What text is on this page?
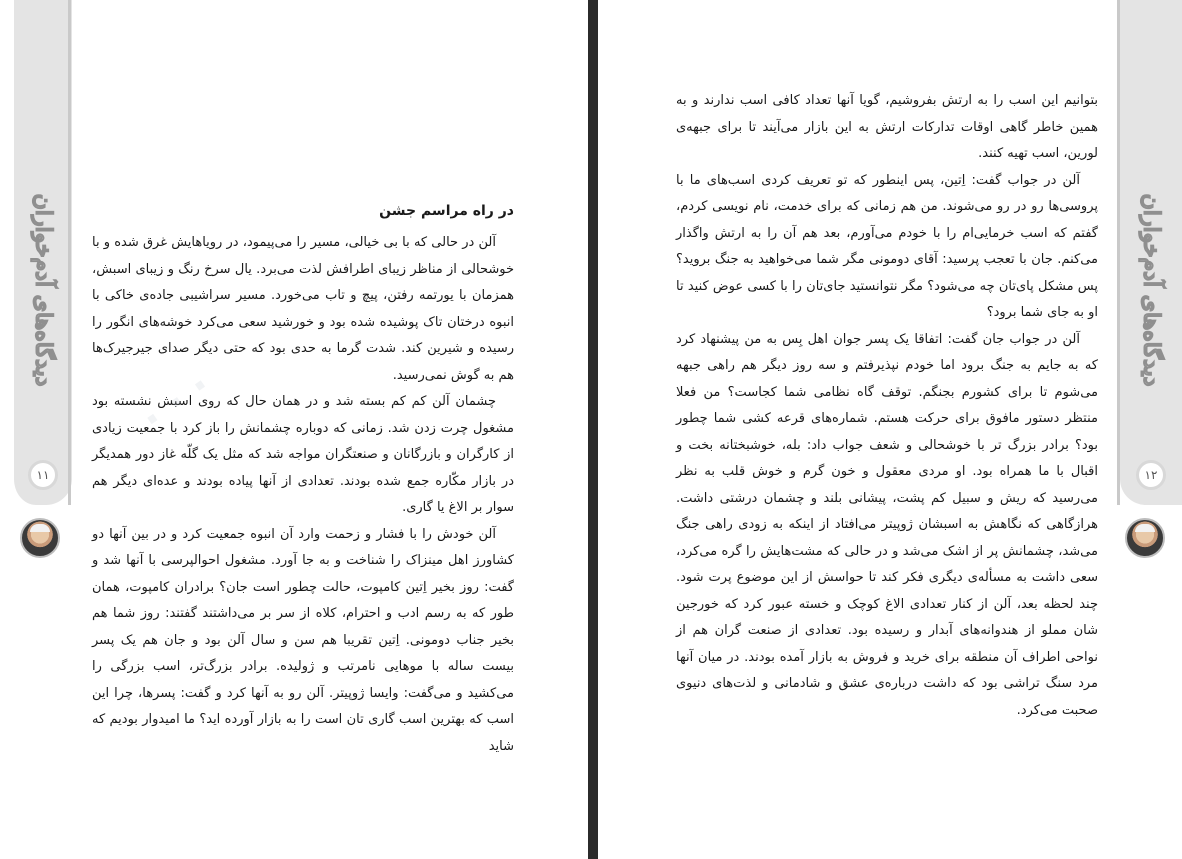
دیدگاه‌های آدم‌خواران
۱۱

در راه مراسم جشن

آلن در حالی که با بی خیالی، مسیر را می‌پیمود، در رویاهایش غرق شده و با خوشحالی از مناظر زیبای اطرافش لذت می‌برد. یال سرخ رنگ و زیبای اسبش، همزمان با یورتمه رفتن، پیچ و تاب می‌خورد. مسیر سراشیبی جاده‌ی خاکی با انبوه درختان تاک پوشیده شده بود و خورشید سعی می‌کرد خوشه‌های انگور را رسیده و شیرین کند. شدت گرما به حدی بود که حتی دیگر صدای جیرجیرک‌ها هم به گوش نمی‌رسید.

چشمان آلن کم کم بسته شد و در همان حال که روی اسبش نشسته بود مشغول چرت زدن شد. زمانی که دوباره چشمانش را باز کرد با جمعیت زیادی از کارگران و بازرگانان و صنعتگران مواجه شد که مثل یک گلّه غاز دور همدیگر در بازار مکّاره جمع شده بودند. تعدادی از آنها پیاده بودند و عده‌ای دیگر هم سوار بر الاغ یا گاری.

آلن خودش را با فشار و زحمت وارد آن انبوه جمعیت کرد و در بین آنها دو کشاورز اهل مینزاک را شناخت و به جا آورد. مشغول احوالپرسی با آنها شد و گفت: روز بخیر اِتین کامپوت، حالت چطور است جان؟ برادران کامپوت، همان طور که به رسم ادب و احترام، کلاه از سر بر می‌داشتند گفتند: روز شما هم بخیر جناب دومونی. اِتین تقریبا هم سن و سال آلن بود و جان هم یک پسر بیست ساله با موهایی نامرتب و ژولیده. برادر بزرگ‌تر، اسب بزرگی را می‌کشید و می‌گفت: وایسا ژوپیتر. آلن رو به آنها کرد و گفت: پسرها، چرا این اسب که بهترین اسب گاری تان است را به بازار آورده اید؟ ما امیدوار بودیم که شاید

· · ·
دیدگاه‌های آدم‌خواران
۱۲

بتوانیم این اسب را به ارتش بفروشیم، گویا آنها تعداد کافی اسب ندارند و به همین خاطر گاهی اوقات تدارکات ارتش به این بازار می‌آیند تا برای جبهه‌ی لورین، اسب تهیه کنند.

آلن در جواب گفت: اِتین، پس اینطور که تو تعریف کردی اسب‌های ما با پروسی‌ها رو در رو می‌شوند. من هم زمانی که برای خدمت، نام نویسی کردم، گفتم که اسب خرمایی‌ام را با خودم می‌آورم، بعد هم آن را به ارتش واگذار می‌کنم. جان با تعجب پرسید: آقای دومونی مگر شما می‌خواهید به جنگ بروید؟ پس مشکل پای‌تان چه می‌شود؟ مگر نتوانستید جای‌تان را با کسی عوض کنید تا او به جای شما برود؟

آلن در جواب جان گفت: اتفاقا یک پسر جوان اهل بِس به من پیشنهاد کرد که به جایم به جنگ برود اما خودم نپذیرفتم و سه روز دیگر هم راهی جبهه می‌شوم تا برای کشورم بجنگم. توقف گاه نظامی شما کجاست؟ من فعلا منتظر دستور مافوق برای حرکت هستم. شماره‌های قرعه کشی شما چطور بود؟ برادر بزرگ تر با خوشحالی و شعف جواب داد: بله، خوشبختانه بخت و اقبال با ما همراه بود. او مردی معقول و خون گرم و خوش قلب به نظر می‌رسید که ریش و سبیل کم پشت، پیشانی بلند و چشمان درشتی داشت. هرازگاهی که نگاهش به اسبشان ژوپیتر می‌افتاد از اینکه به زودی راهی جنگ می‌شد، چشمانش پر از اشک می‌شد و در حالی که مشت‌هایش را گره می‌کرد، سعی داشت به مسأله‌ی دیگری فکر کند تا حواسش از این موضوع پرت شود. چند لحظه بعد، آلن از کنار تعدادی الاغ کوچک و خسته عبور کرد که خورجین شان مملو از هندوانه‌های آبدار و رسیده بود. تعدادی از صنعت گران هم از نواحی اطراف آن منطقه برای خرید و فروش به بازار آمده بودند. در میان آنها مرد سنگ تراشی بود که داشت درباره‌ی عشق و شادمانی و لذت‌های دنیوی صحبت می‌کرد.
